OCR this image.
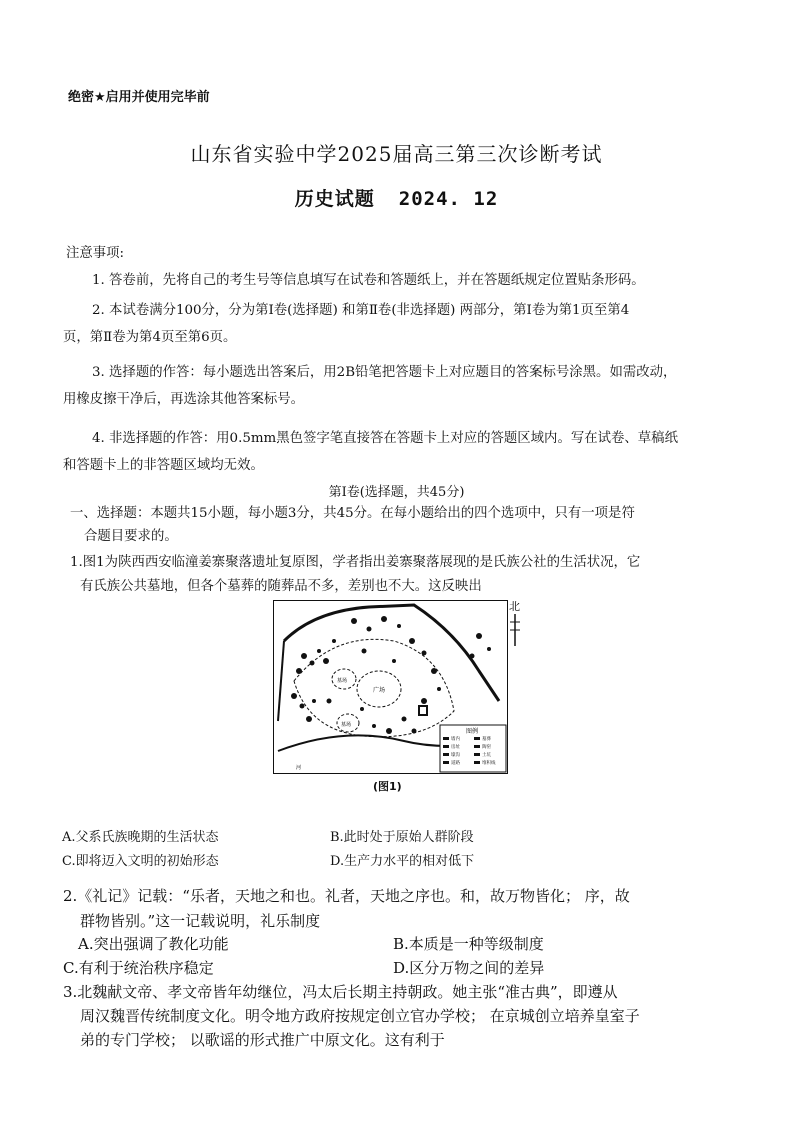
绝密★启用并使用完毕前
山东省实验中学2025届高三第三次诊断考试
历史试题 2024. 12
注意事项:
1. 答卷前，先将自己的考生号等信息填写在试卷和答题纸上，并在答题纸规定位置贴条形码。
2. 本试卷满分100分，分为第Ⅰ卷(选择题) 和第Ⅱ卷(非选择题) 两部分，第Ⅰ卷为第1页至第4
页，第Ⅱ卷为第4页至第6页。
3. 选择题的作答：每小题选出答案后，用2B铅笔把答题卡上对应题目的答案标号涂黑。如需改动，
用橡皮擦干净后，再选涂其他答案标号。
4. 非选择题的作答：用0.5mm黑色签字笔直接答在答题卡上对应的答题区域内。写在试卷、草稿纸
和答题卡上的非答题区域均无效。
第Ⅰ卷(选择题，共45分)
一、选择题：本题共15小题，每小题3分，共45分。在每小题给出的四个选项中，只有一项是符
合题目要求的。
1.图1为陕西西安临潼姜寨聚落遗址复原图，学者指出姜寨聚落展现的是氏族公社的生活状况，它
有氏族公共墓地，但各个墓葬的随葬品不多，差别也不大。这反映出
广场
墓场
墓场
河
图例
墙内
房址
壕沟
道路
墓葬
陶窑
土坑
堆积线
北
(图1)
A.父系氏族晚期的生活状态	B.此时处于原始人群阶段
C.即将迈入文明的初始形态	D.生产力水平的相对低下
2.《礼记》记载：“乐者，天地之和也。礼者，天地之序也。和，故万物皆化； 序，故
群物皆别。”这一记载说明，礼乐制度
A.突出强调了教化功能	B.本质是一种等级制度
C.有利于统治秩序稳定	D.区分万物之间的差异
3.北魏献文帝、孝文帝皆年幼继位，冯太后长期主持朝政。她主张“准古典”，即遵从
周汉魏晋传统制度文化。明令地方政府按规定创立官办学校； 在京城创立培养皇室子
弟的专门学校； 以歌谣的形式推广中原文化。这有利于
